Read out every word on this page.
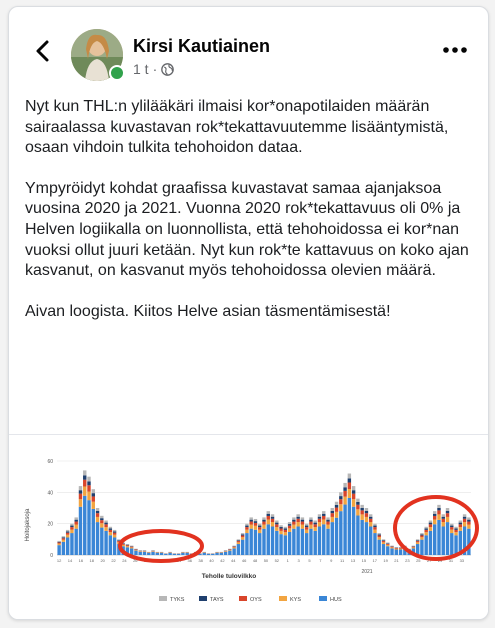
Kirsi Kautiainen
1 t ·

Nyt kun THL:n ylilääkäri ilmaisi kor*onapotilaiden määrän sairaalassa kuvastavan rok*tekattavuutemme lisääntymistä, osaan vihdoin tulkita tehohoidon dataa.

Ympyröidyt kohdat graafissa kuvastavat samaa ajanjaksoa vuosina 2020 ja 2021. Vuonna 2020 rok*tekattavuus oli 0% ja Helven logiikalla on luonnollista, että tehohoidossa ei kor*nan vuoksi ollut juuri ketään. Nyt kun rok*te kattavuus on koko ajan kasvanut, on kasvanut myös tehohoidossa olevien määrä.

Aivan loogista. Kiitos Helve asian täsmentämisestä!

0
20
40
60
12 14 16 18 20 22 24 26 28 30 32 34 36 38 40 42 44 46 48 50 52 1 3 5 7 9 11 13 15 17 19 21 23 25 27 29 31 33
Hoitojaksoja
Teholle tulovilkko
2021
TYKS	TAYS	OYS	KYS	HUS
